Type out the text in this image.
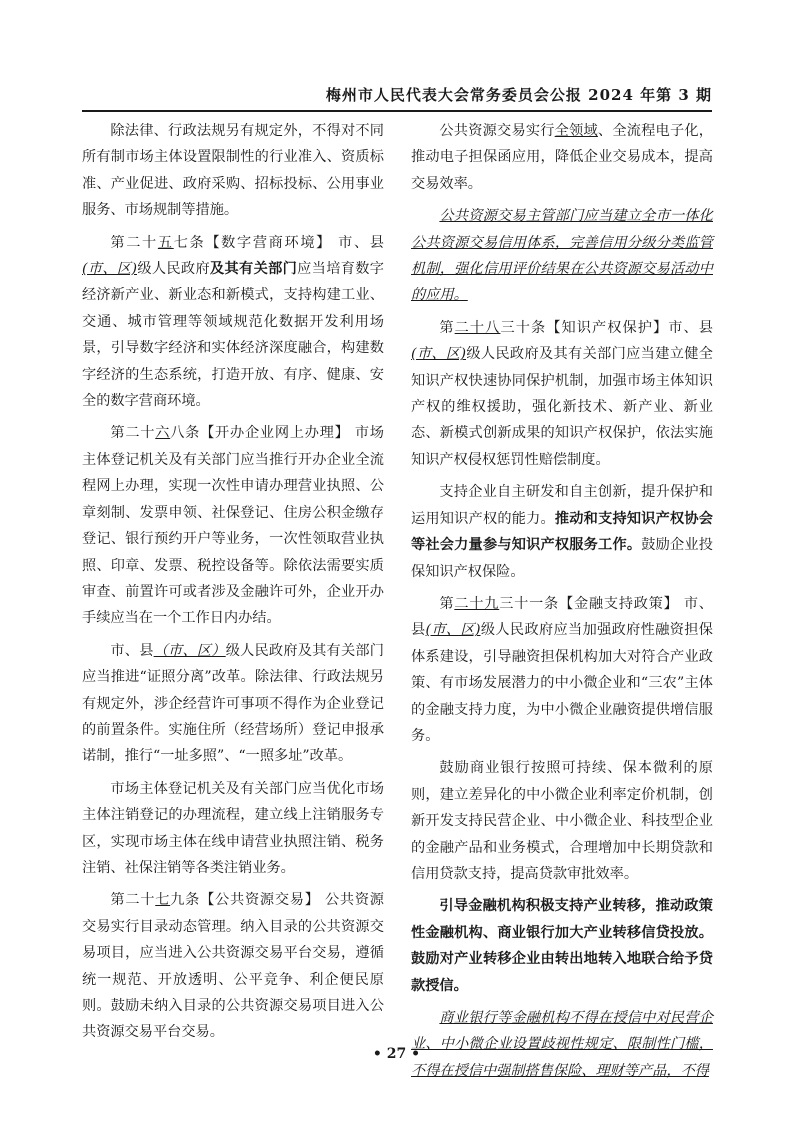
梅州市人民代表大会常务委员会公报 2024 年第 3 期

除法律、行政法规另有规定外，不得对不同所有制市场主体设置限制性的行业准入、资质标准、产业促进、政府采购、招标投标、公用事业服务、市场规制等措施。

第二十五七条【数字营商环境】 市、县(市、区)级人民政府及其有关部门应当培育数字经济新产业、新业态和新模式，支持构建工业、交通、城市管理等领域规范化数据开发利用场景，引导数字经济和实体经济深度融合，构建数字经济的生态系统，打造开放、有序、健康、安全的数字营商环境。

第二十六八条【开办企业网上办理】 市场主体登记机关及有关部门应当推行开办企业全流程网上办理，实现一次性申请办理营业执照、公章刻制、发票申领、社保登记、住房公积金缴存登记、银行预约开户等业务，一次性领取营业执照、印章、发票、税控设备等。除依法需要实质审查、前置许可或者涉及金融许可外，企业开办手续应当在一个工作日内办结。

市、县（市、区）级人民政府及其有关部门应当推进“证照分离”改革。除法律、行政法规另有规定外，涉企经营许可事项不得作为企业登记的前置条件。实施住所（经营场所）登记申报承诺制，推行“一址多照”、“一照多址”改革。

市场主体登记机关及有关部门应当优化市场主体注销登记的办理流程，建立线上注销服务专区，实现市场主体在线申请营业执照注销、税务注销、社保注销等各类注销业务。

第二十七九条【公共资源交易】 公共资源交易实行目录动态管理。纳入目录的公共资源交易项目，应当进入公共资源交易平台交易，遵循统一规范、开放透明、公平竞争、利企便民原则。鼓励未纳入目录的公共资源交易项目进入公共资源交易平台交易。

公共资源交易实行全领域、全流程电子化，推动电子担保函应用，降低企业交易成本，提高交易效率。

公共资源交易主管部门应当建立全市一体化公共资源交易信用体系，完善信用分级分类监管机制，强化信用评价结果在公共资源交易活动中的应用。

第二十八三十条【知识产权保护】市、县(市、区)级人民政府及其有关部门应当建立健全知识产权快速协同保护机制，加强市场主体知识产权的维权援助，强化新技术、新产业、新业态、新模式创新成果的知识产权保护，依法实施知识产权侵权惩罚性赔偿制度。

支持企业自主研发和自主创新，提升保护和运用知识产权的能力。推动和支持知识产权协会等社会力量参与知识产权服务工作。鼓励企业投保知识产权保险。

第二十九三十一条【金融支持政策】 市、县(市、区)级人民政府应当加强政府性融资担保体系建设，引导融资担保机构加大对符合产业政策、有市场发展潜力的中小微企业和“三农”主体的金融支持力度，为中小微企业融资提供增信服务。

鼓励商业银行按照可持续、保本微利的原则，建立差异化的中小微企业利率定价机制，创新开发支持民营企业、中小微企业、科技型企业的金融产品和业务模式，合理增加中长期贷款和信用贷款支持，提高贷款审批效率。

引导金融机构积极支持产业转移，推动政策性金融机构、商业银行加大产业转移信贷投放。鼓励对产业转移企业由转出地转入地联合给予贷款授信。

商业银行等金融机构不得在授信中对民营企业、中小微企业设置歧视性规定、限制性门槛，不得在授信中强制搭售保险、理财等产品，不得

• 27 •
